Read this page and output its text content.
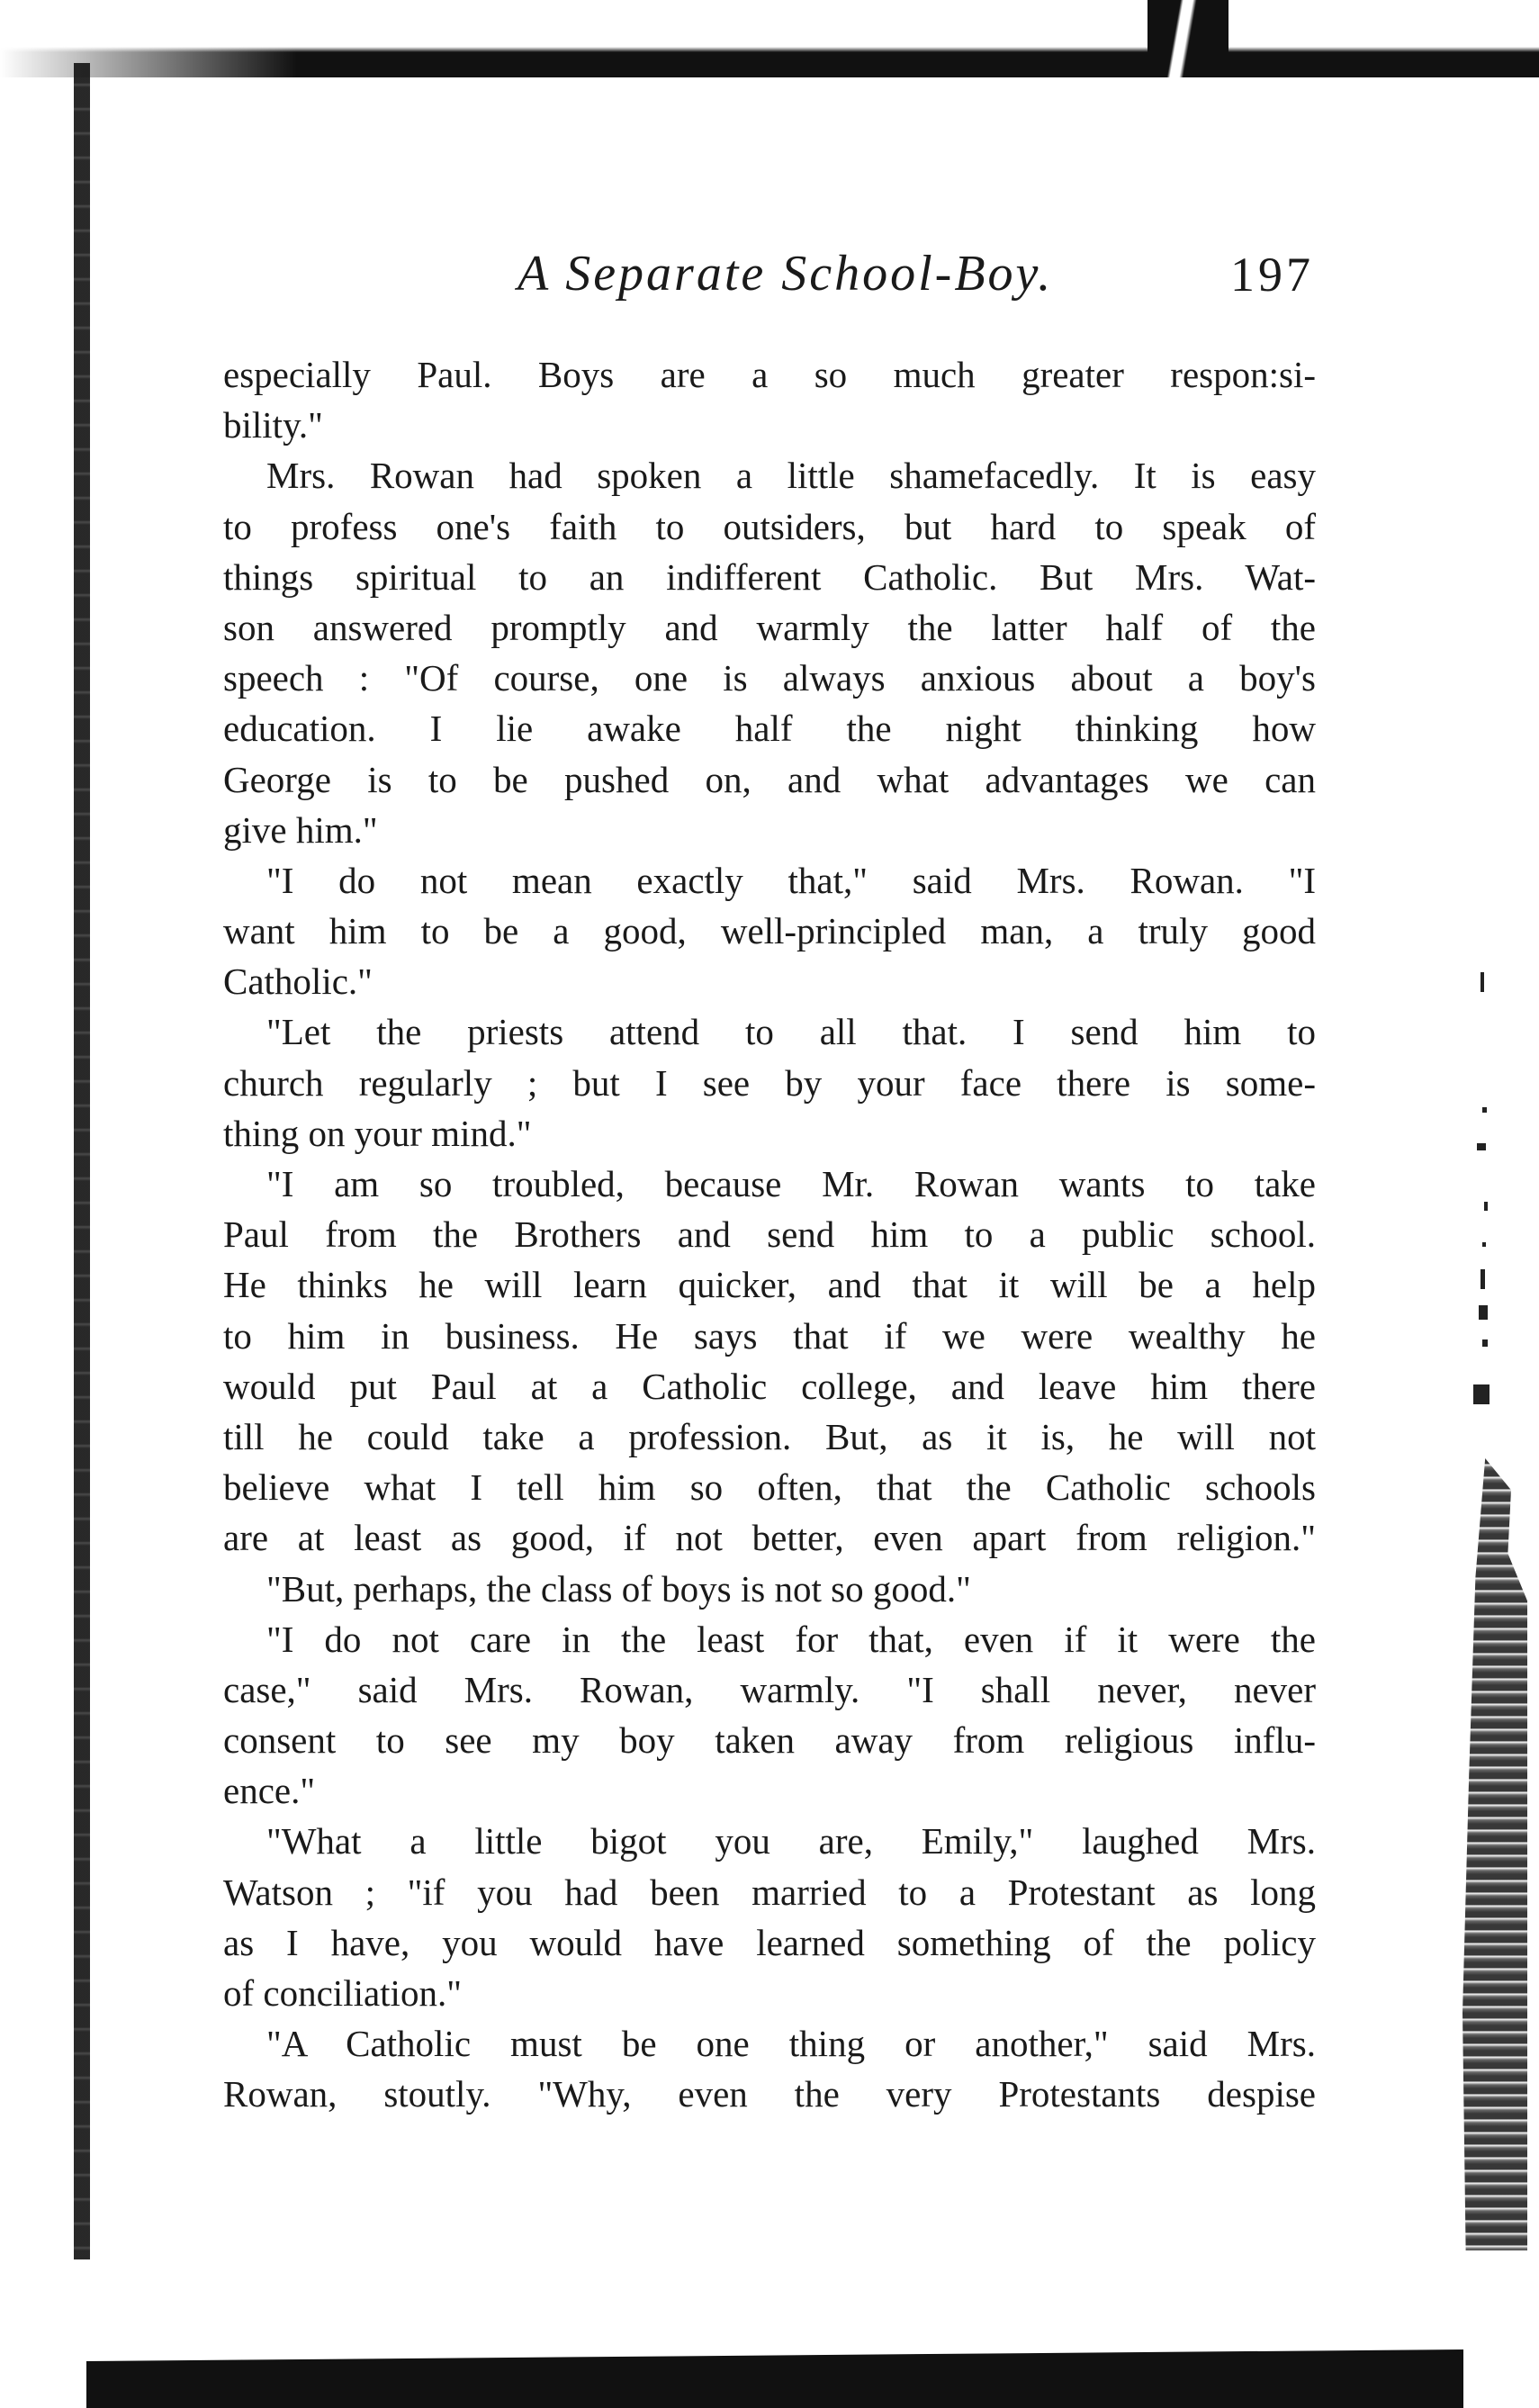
A Separate School-Boy.	197
especially Paul. Boys are a so much greater respon:si-
bility."
Mrs. Rowan had spoken a little shamefacedly. It is easy
to profess one's faith to outsiders, but hard to speak of
things spiritual to an indifferent Catholic. But Mrs. Wat-
son answered promptly and warmly the latter half of the
speech : "Of course, one is always anxious about a boy's
education. I lie awake half the night thinking how
George is to be pushed on, and what advantages we can
give him."
"I do not mean exactly that," said Mrs. Rowan. "I
want him to be a good, well-principled man, a truly good
Catholic."
"Let the priests attend to all that. I send him to
church regularly ; but I see by your face there is some-
thing on your mind."
"I am so troubled, because Mr. Rowan wants to take
Paul from the Brothers and send him to a public school.
He thinks he will learn quicker, and that it will be a help
to him in business. He says that if we were wealthy he
would put Paul at a Catholic college, and leave him there
till he could take a profession. But, as it is, he will not
believe what I tell him so often, that the Catholic schools
are at least as good, if not better, even apart from religion."
"But, perhaps, the class of boys is not so good."
"I do not care in the least for that, even if it were the
case," said Mrs. Rowan, warmly. "I shall never, never
consent to see my boy taken away from religious influ-
ence."
"What a little bigot you are, Emily," laughed Mrs.
Watson ; "if you had been married to a Protestant as long
as I have, you would have learned something of the policy
of conciliation."
"A Catholic must be one thing or another," said Mrs.
Rowan, stoutly. "Why, even the very Protestants despise
